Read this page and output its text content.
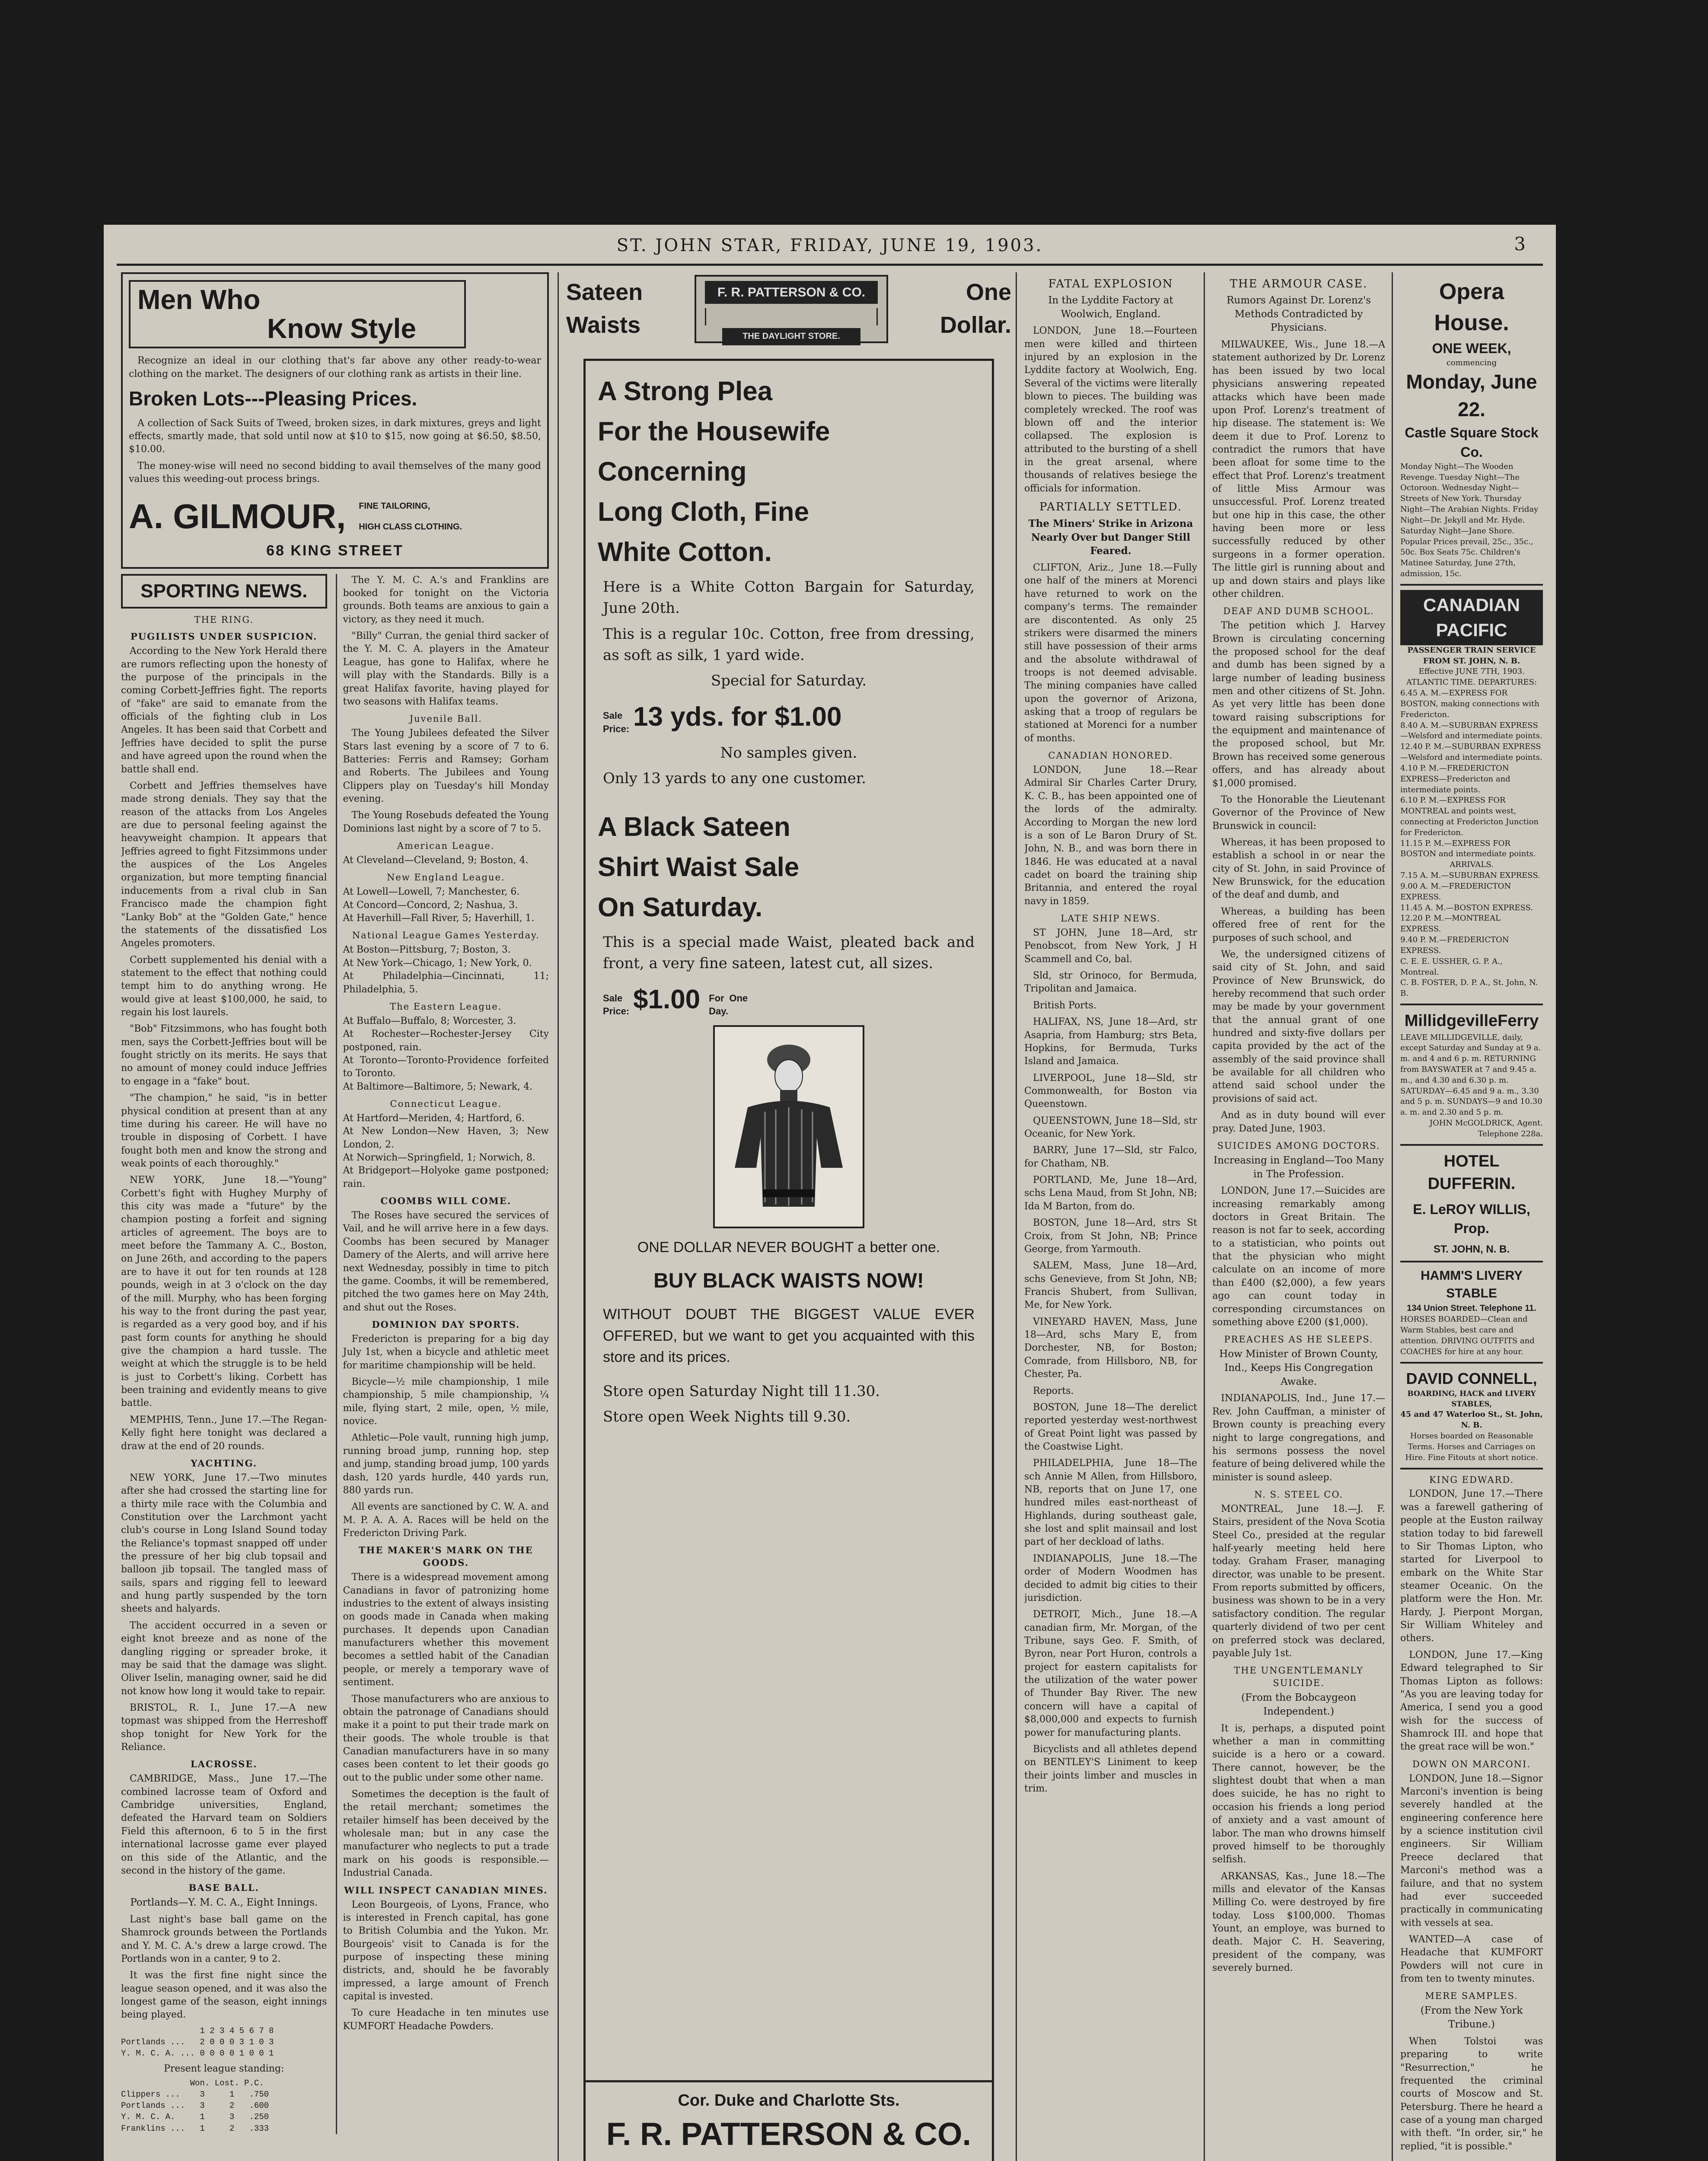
ST. JOHN STAR, FRIDAY, JUNE 19, 1903.	3
Men Who
Know Style

Recognize an ideal in our clothing that's far above any other ready-to-wear clothing on the market. The designers of our clothing rank as artists in their line.

Broken Lots---Pleasing Prices.

A collection of Sack Suits of Tweed, broken sizes, in dark mixtures, greys and light effects, smartly made, that sold until now at $10 to $15, now going at $6.50, $8.50, $10.00.

The money-wise will need no second bidding to avail themselves of the many good values this weeding-out process brings.

A. GILMOUR, FINE TAILORING,
HIGH CLASS CLOTHING.
68 KING STREET
SPORTING NEWS.
THE RING.
PUGILISTS UNDER SUSPICION.

According to the New York Herald there are rumors reflecting upon the honesty of the purpose of the principals in the coming Corbett-Jeffries fight. The reports of "fake" are said to emanate from the officials of the fighting club in Los Angeles. It has been said that Corbett and Jeffries have decided to split the purse and have agreed upon the round when the battle shall end.

Corbett and Jeffries themselves have made strong denials. They say that the reason of the attacks from Los Angeles are due to personal feeling against the heavyweight champion. It appears that Jeffries agreed to fight Fitzsimmons under the auspices of the Los Angeles organization, but more tempting financial inducements from a rival club in San Francisco made the champion fight "Lanky Bob" at the "Golden Gate," hence the statements of the dissatisfied Los Angeles promoters.

Corbett supplemented his denial with a statement to the effect that nothing could tempt him to do anything wrong. He would give at least $100,000, he said, to regain his lost laurels.

"Bob" Fitzsimmons, who has fought both men, says the Corbett-Jeffries bout will be fought strictly on its merits. He says that no amount of money could induce Jeffries to engage in a "fake" bout.

"The champion," he said, "is in better physical condition at present than at any time during his career. He will have no trouble in disposing of Corbett. I have fought both men and know the strong and weak points of each thoroughly."

NEW YORK, June 18.—"Young" Corbett's fight with Hughey Murphy of this city was made a "future" by the champion posting a forfeit and signing articles of agreement. The boys are to meet before the Tammany A. C., Boston, on June 26th, and according to the papers are to have it out for ten rounds at 128 pounds, weigh in at 3 o'clock on the day of the mill. Murphy, who has been forging his way to the front during the past year, is regarded as a very good boy, and if his past form counts for anything he should give the champion a hard tussle. The weight at which the struggle is to be held is just to Corbett's liking. Corbett has been training and evidently means to give battle.

MEMPHIS, Tenn., June 17.—The Regan-Kelly fight here tonight was declared a draw at the end of 20 rounds.

YACHTING.

NEW YORK, June 17.—Two minutes after she had crossed the starting line for a thirty mile race with the Columbia and Constitution over the Larchmont yacht club's course in Long Island Sound today the Reliance's topmast snapped off under the pressure of her big club topsail and balloon jib topsail. The tangled mass of sails, spars and rigging fell to leeward and hung partly suspended by the torn sheets and halyards.

The accident occurred in a seven or eight knot breeze and as none of the dangling rigging or spreader broke, it may be said that the damage was slight. Oliver Iselin, managing owner, said he did not know how long it would take to repair.

BRISTOL, R. I., June 17.—A new topmast was shipped from the Herreshoff shop tonight for New York for the Reliance.

LACROSSE.

CAMBRIDGE, Mass., June 17.—The combined lacrosse team of Oxford and Cambridge universities, England, defeated the Harvard team on Soldiers Field this afternoon, 6 to 5 in the first international lacrosse game ever played on this side of the Atlantic, and the second in the history of the game.

BASE BALL.
Portlands—Y. M. C. A., Eight Innings.

Last night's base ball game on the Shamrock grounds between the Portlands and Y. M. C. A.'s drew a large crowd. The Portlands won in a canter, 9 to 2.

It was the first fine night since the league season opened, and it was also the longest game of the season, eight innings being played.

1 2 3 4 5 6 7 8
Portlands ...   2 0 0 0 3 1 0 3
Y. M. C. A. ... 0 0 0 0 1 0 0 1
Present league standing:
Won. Lost. P.C.
Clippers ...    3     1   .750
Portlands ...   3     2   .600
Y. M. C. A.     1     3   .250
Franklins ...   1     2   .333

The Y. M. C. A.'s and Franklins are booked for tonight on the Victoria grounds. Both teams are anxious to gain a victory, as they need it much.

"Billy" Curran, the genial third sacker of the Y. M. C. A. players in the Amateur League, has gone to Halifax, where he will play with the Standards. Billy is a great Halifax favorite, having played for two seasons with Halifax teams.

Juvenile Ball.

The Young Jubilees defeated the Silver Stars last evening by a score of 7 to 6. Batteries: Ferris and Ramsey; Gorham and Roberts. The Jubilees and Young Clippers play on Tuesday's hill Monday evening.

The Young Rosebuds defeated the Young Dominions last night by a score of 7 to 5.

American League.
At Cleveland—Cleveland, 9; Boston, 4.
New England League.
At Lowell—Lowell, 7; Manchester, 6.
At Concord—Concord, 2; Nashua, 3.
At Haverhill—Fall River, 5; Haverhill, 1.
National League Games Yesterday.
At Boston—Pittsburg, 7; Boston, 3.
At New York—Chicago, 1; New York, 0.
At Philadelphia—Cincinnati, 11; Philadelphia, 5.
The Eastern League.
At Buffalo—Buffalo, 8; Worcester, 3.
At Rochester—Rochester-Jersey City postponed, rain.
At Toronto—Toronto-Providence forfeited to Toronto.
At Baltimore—Baltimore, 5; Newark, 4.
Connecticut League.
At Hartford—Meriden, 4; Hartford, 6.
At New London—New Haven, 3; New London, 2.
At Norwich—Springfield, 1; Norwich, 8.
At Bridgeport—Holyoke game postponed; rain.
COOMBS WILL COME.

The Roses have secured the services of Vail, and he will arrive here in a few days. Coombs has been secured by Manager Damery of the Alerts, and will arrive here next Wednesday, possibly in time to pitch the game. Coombs, it will be remembered, pitched the two games here on May 24th, and shut out the Roses.

DOMINION DAY SPORTS.

Fredericton is preparing for a big day July 1st, when a bicycle and athletic meet for maritime championship will be held.

Bicycle—½ mile championship, 1 mile championship, 5 mile championship, ¼ mile, flying start, 2 mile, open, ½ mile, novice.

Athletic—Pole vault, running high jump, running broad jump, running hop, step and jump, standing broad jump, 100 yards dash, 120 yards hurdle, 440 yards run, 880 yards run.

All events are sanctioned by C. W. A. and M. P. A. A. A. Races will be held on the Fredericton Driving Park.

THE MAKER'S MARK ON THE GOODS.

There is a widespread movement among Canadians in favor of patronizing home industries to the extent of always insisting on goods made in Canada when making purchases. It depends upon Canadian manufacturers whether this movement becomes a settled habit of the Canadian people, or merely a temporary wave of sentiment.

Those manufacturers who are anxious to obtain the patronage of Canadians should make it a point to put their trade mark on their goods. The whole trouble is that Canadian manufacturers have in so many cases been content to let their goods go out to the public under some other name.

Sometimes the deception is the fault of the retail merchant; sometimes the retailer himself has been deceived by the wholesale man; but in any case the manufacturer who neglects to put a trade mark on his goods is responsible.—Industrial Canada.

WILL INSPECT CANADIAN MINES.

Leon Bourgeois, of Lyons, France, who is interested in French capital, has gone to British Columbia and the Yukon. Mr. Bourgeois' visit to Canada is for the purpose of inspecting these mining districts, and, should he be favorably impressed, a large amount of French capital is invested.

To cure Headache in ten minutes use KUMFORT Headache Powders.

Sateen
Waists
F. R. PATTERSON & CO.
THE DAYLIGHT STORE.
One
Dollar.
A Strong Plea
For the Housewife
Concerning
Long Cloth, Fine
White Cotton.
Here is a White Cotton Bargain for Saturday, June 20th.
This is a regular 10c. Cotton, free from dressing, as soft as silk, 1 yard wide.
Special for Saturday.
Sale Price: 13 yds. for $1.00
No samples given.
Only 13 yards to any one customer.
A Black Sateen
Shirt Waist Sale
On Saturday.
This is a special made Waist, pleated back and front, a very fine sateen, latest cut, all sizes.
Sale Price: $1.00 For One Day.
ONE DOLLAR NEVER BOUGHT a better one.
BUY BLACK WAISTS NOW!
WITHOUT DOUBT THE BIGGEST VALUE EVER OFFERED, but we want to get you acquainted with this store and its prices.
Store open Saturday Night till 11.30.
Store open Week Nights till 9.30.
Cor. Duke and Charlotte Sts.
F. R. PATTERSON & CO.
FATAL EXPLOSION
In the Lyddite Factory at Woolwich, England.

LONDON, June 18.—Fourteen men were killed and thirteen injured by an explosion in the Lyddite factory at Woolwich, Eng. Several of the victims were literally blown to pieces. The building was completely wrecked. The roof was blown off and the interior collapsed. The explosion is attributed to the bursting of a shell in the great arsenal, where thousands of relatives besiege the officials for information.

PARTIALLY SETTLED.
The Miners' Strike in Arizona Nearly Over but Danger Still Feared.

CLIFTON, Ariz., June 18.—Fully one half of the miners at Morenci have returned to work on the company's terms. The remainder are discontented. As only 25 strikers were disarmed the miners still have possession of their arms and the absolute withdrawal of troops is not deemed advisable. The mining companies have called upon the governor of Arizona, asking that a troop of regulars be stationed at Morenci for a number of months.

CANADIAN HONORED.

LONDON, June 18.—Rear Admiral Sir Charles Carter Drury, K. C. B., has been appointed one of the lords of the admiralty. According to Morgan the new lord is a son of Le Baron Drury of St. John, N. B., and was born there in 1846. He was educated at a naval cadet on board the training ship Britannia, and entered the royal navy in 1859.

LATE SHIP NEWS.

ST JOHN, June 18—Ard, str Penobscot, from New York, J H Scammell and Co, bal.

Sld, str Orinoco, for Bermuda, Tripolitan and Jamaica.

British Ports.

HALIFAX, NS, June 18—Ard, str Asapria, from Hamburg; strs Beta, Hopkins, for Bermuda, Turks Island and Jamaica.

LIVERPOOL, June 18—Sld, str Commonwealth, for Boston via Queenstown.

QUEENSTOWN, June 18—Sld, str Oceanic, for New York.

BARRY, June 17—Sld, str Falco, for Chatham, NB.

PORTLAND, Me, June 18—Ard, schs Lena Maud, from St John, NB; Ida M Barton, from do.

BOSTON, June 18—Ard, strs St Croix, from St John, NB; Prince George, from Yarmouth.

SALEM, Mass, June 18—Ard, schs Genevieve, from St John, NB; Francis Shubert, from Sullivan, Me, for New York.

VINEYARD HAVEN, Mass, June 18—Ard, schs Mary E, from Dorchester, NB, for Boston; Comrade, from Hillsboro, NB, for Chester, Pa.

Reports.

BOSTON, June 18—The derelict reported yesterday west-northwest of Great Point light was passed by the Coastwise Light.

PHILADELPHIA, June 18—The sch Annie M Allen, from Hillsboro, NB, reports that on June 17, one hundred miles east-northeast of Highlands, during southeast gale, she lost and split mainsail and lost part of her deckload of laths.

INDIANAPOLIS, June 18.—The order of Modern Woodmen has decided to admit big cities to their jurisdiction.

DETROIT, Mich., June 18.—A canadian firm, Mr. Morgan, of the Tribune, says Geo. F. Smith, of Byron, near Port Huron, controls a project for eastern capitalists for the utilization of the water power of Thunder Bay River. The new concern will have a capital of $8,000,000 and expects to furnish power for manufacturing plants.

Bicyclists and all athletes depend on BENTLEY'S Liniment to keep their joints limber and muscles in trim.

THE ARMOUR CASE.
Rumors Against Dr. Lorenz's Methods Contradicted by Physicians.

MILWAUKEE, Wis., June 18.—A statement authorized by Dr. Lorenz has been issued by two local physicians answering repeated attacks which have been made upon Prof. Lorenz's treatment of hip disease. The statement is: We deem it due to Prof. Lorenz to contradict the rumors that have been afloat for some time to the effect that Prof. Lorenz's treatment of little Miss Armour was unsuccessful. Prof. Lorenz treated but one hip in this case, the other having been more or less successfully reduced by other surgeons in a former operation. The little girl is running about and up and down stairs and plays like other children.

DEAF AND DUMB SCHOOL.

The petition which J. Harvey Brown is circulating concerning the proposed school for the deaf and dumb has been signed by a large number of leading business men and other citizens of St. John. As yet very little has been done toward raising subscriptions for the equipment and maintenance of the proposed school, but Mr. Brown has received some generous offers, and has already about $1,000 promised.

To the Honorable the Lieutenant Governor of the Province of New Brunswick in council:

Whereas, it has been proposed to establish a school in or near the city of St. John, in said Province of New Brunswick, for the education of the deaf and dumb, and

Whereas, a building has been offered free of rent for the purposes of such school, and

We, the undersigned citizens of said city of St. John, and said Province of New Brunswick, do hereby recommend that such order may be made by your government that the annual grant of one hundred and sixty-five dollars per capita provided by the act of the assembly of the said province shall be available for all children who attend said school under the provisions of said act.

And as in duty bound will ever pray. Dated June, 1903.

SUICIDES AMONG DOCTORS.
Increasing in England—Too Many in The Profession.

LONDON, June 17.—Suicides are increasing remarkably among doctors in Great Britain. The reason is not far to seek, according to a statistician, who points out that the physician who might calculate on an income of more than £400 ($2,000), a few years ago can count today in corresponding circumstances on something above £200 ($1,000).

PREACHES AS HE SLEEPS.
How Minister of Brown County, Ind., Keeps His Congregation Awake.

INDIANAPOLIS, Ind., June 17.—Rev. John Cauffman, a minister of Brown county is preaching every night to large congregations, and his sermons possess the novel feature of being delivered while the minister is sound asleep.

N. S. STEEL CO.

MONTREAL, June 18.—J. F. Stairs, president of the Nova Scotia Steel Co., presided at the regular half-yearly meeting held here today. Graham Fraser, managing director, was unable to be present. From reports submitted by officers, business was shown to be in a very satisfactory condition. The regular quarterly dividend of two per cent on preferred stock was declared, payable July 1st.

THE UNGENTLEMANLY SUICIDE.
(From the Bobcaygeon Independent.)

It is, perhaps, a disputed point whether a man in committing suicide is a hero or a coward. There cannot, however, be the slightest doubt that when a man does suicide, he has no right to occasion his friends a long period of anxiety and a vast amount of labor. The man who drowns himself proved himself to be thoroughly selfish.

ARKANSAS, Kas., June 18.—The mills and elevator of the Kansas Milling Co. were destroyed by fire today. Loss $100,000. Thomas Yount, an employe, was burned to death. Major C. H. Seavering, president of the company, was severely burned.

Opera House.
ONE WEEK,
commencing
Monday, June 22.
Castle Square Stock Co.
Monday Night—The Wooden Revenge. Tuesday Night—The Octoroon. Wednesday Night—Streets of New York. Thursday Night—The Arabian Nights. Friday Night—Dr. Jekyll and Mr. Hyde. Saturday Night—Jane Shore.
Popular Prices prevail, 25c., 35c., 50c. Box Seats 75c. Children's Matinee Saturday, June 27th, admission, 15c.
CANADIAN PACIFIC
PASSENGER TRAIN SERVICE FROM ST. JOHN, N. B.
Effective JUNE 7TH, 1903.
ATLANTIC TIME. DEPARTURES:
6.45 A. M.—EXPRESS FOR BOSTON, making connections with Fredericton.
8.40 A. M.—SUBURBAN EXPRESS—Welsford and intermediate points.
12.40 P. M.—SUBURBAN EXPRESS—Welsford and intermediate points.
4.10 P. M.—FREDERICTON EXPRESS—Fredericton and intermediate points.
6.10 P. M.—EXPRESS FOR MONTREAL and points west, connecting at Fredericton Junction for Fredericton.
11.15 P. M.—EXPRESS FOR BOSTON and intermediate points.
ARRIVALS.
7.15 A. M.—SUBURBAN EXPRESS.
9.00 A. M.—FREDERICTON EXPRESS.
11.45 A. M.—BOSTON EXPRESS.
12.20 P. M.—MONTREAL EXPRESS.
9.40 P. M.—FREDERICTON EXPRESS.
C. E. E. USSHER, G. P. A., Montreal.
C. B. FOSTER, D. P. A., St. John, N. B.
MillidgevilleFerry
LEAVE MILLIDGEVILLE, daily, except Saturday and Sunday at 9 a. m. and 4 and 6 p. m. RETURNING from BAYSWATER at 7 and 9.45 a. m., and 4.30 and 6.30 p. m. SATURDAY—6.45 and 9 a. m., 3.30 and 5 p. m. SUNDAYS—9 and 10.30 a. m. and 2.30 and 5 p. m.
JOHN McGOLDRICK, Agent. Telephone 228a.
HOTEL DUFFERIN.
E. LeROY WILLIS, Prop.
ST. JOHN, N. B.
HAMM'S LIVERY STABLE
134 Union Street. Telephone 11.
HORSES BOARDED—Clean and Warm Stables, best care and attention. DRIVING OUTFITS and COACHES for hire at any hour.
DAVID CONNELL,
BOARDING, HACK and LIVERY STABLES,
45 and 47 Waterloo St., St. John, N. B.
Horses boarded on Reasonable Terms. Horses and Carriages on Hire. Fine Fitouts at short notice.
KING EDWARD.

LONDON, June 17.—There was a farewell gathering of people at the Euston railway station today to bid farewell to Sir Thomas Lipton, who started for Liverpool to embark on the White Star steamer Oceanic. On the platform were the Hon. Mr. Hardy, J. Pierpont Morgan, Sir William Whiteley and others.

LONDON, June 17.—King Edward telegraphed to Sir Thomas Lipton as follows: "As you are leaving today for America, I send you a good wish for the success of Shamrock III. and hope that the great race will be won."

DOWN ON MARCONI.

LONDON, June 18.—Signor Marconi's invention is being severely handled at the engineering conference here by a science institution civil engineers. Sir William Preece declared that Marconi's method was a failure, and that no system had ever succeeded practically in communicating with vessels at sea.

WANTED—A case of Headache that KUMFORT Powders will not cure in from ten to twenty minutes.

MERE SAMPLES.
(From the New York Tribune.)

When Tolstoi was preparing to write "Resurrection," he frequented the criminal courts of Moscow and St. Petersburg. There he heard a case of a young man charged with theft. "In order, sir," he replied, "it is possible."
